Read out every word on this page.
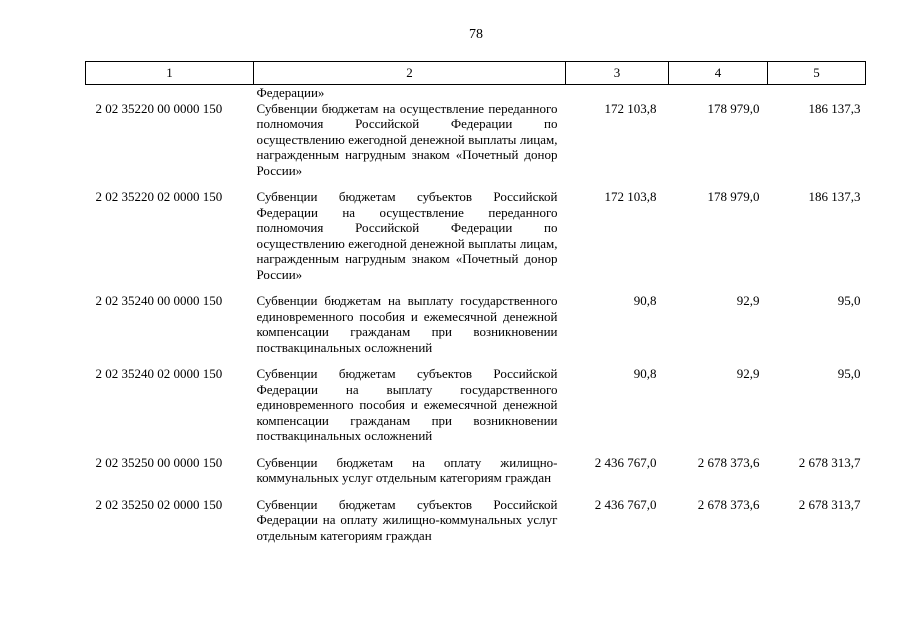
78
1	2	3	4	5
	Федерации»			
2 02 35220 00 0000 150	Субвенции бюджетам на осуществление переданного полномочия Российской Федерации по осуществлению ежегодной денежной выплаты лицам, награжденным нагрудным знаком «Почетный донор России»	172 103,8	178 979,0	186 137,3
2 02 35220 02 0000 150	Субвенции бюджетам субъектов Российской Федерации на осуществление переданного полномочия Российской Федерации по осуществлению ежегодной денежной выплаты лицам, награжденным нагрудным знаком «Почетный донор России»	172 103,8	178 979,0	186 137,3
2 02 35240 00 0000 150	Субвенции бюджетам на выплату государственного единовременного пособия и ежемесячной денежной компенсации гражданам при возникновении поствакцинальных осложнений	90,8	92,9	95,0
2 02 35240 02 0000 150	Субвенции бюджетам субъектов Российской Федерации на выплату государственного единовременного пособия и ежемесячной денежной компенсации гражданам при возникновении поствакцинальных осложнений	90,8	92,9	95,0
2 02 35250 00 0000 150	Субвенции бюджетам на оплату жилищно-коммунальных услуг отдельным категориям граждан	2 436 767,0	2 678 373,6	2 678 313,7
2 02 35250 02 0000 150	Субвенции бюджетам субъектов Российской Федерации на оплату жилищно-коммунальных услуг отдельным категориям граждан	2 436 767,0	2 678 373,6	2 678 313,7
